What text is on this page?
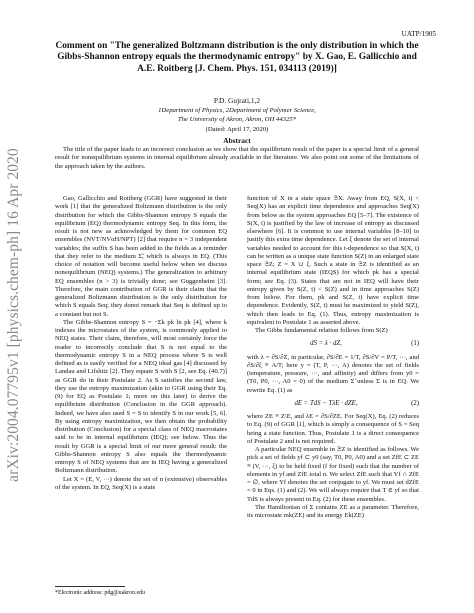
arXiv:2004.07795v1 [physics.chem-ph] 16 Apr 2020
UATP/1905
Comment on "The generalized Boltzmann distribution is the only distribution in which the Gibbs-Shannon entropy equals the thermodynamic entropy" by X. Gao, E. Gallicchio and A.E. Roitberg [J. Chem. Phys. 151, 034113 (2019)]
P.D. Gujrati,1,2
1Department of Physics, 2Department of Polymer Science,
The University of Akron, Akron, OH 44325*
(Dated: April 17, 2020)
Abstract
The title of the paper leads to an incorrect conclusion as we show that the equilibrium result of the paper is a special limit of a general result for nonequilibrium systems in internal equilibrium already available in the literature. We also point out some of the limitations of the approach taken by the authors.

Gao, Gallicchio and Roitberg (GGR) have suggested in their work [1] that the generalized Boltzmann distribution is the only distribution for which the Gibbs-Shannon entropy S equals the equilibrium (EQ) thermodynamic entropy Seq. In this form, the result is not new as acknowledged by them for common EQ ensembles (NVT/NVαH/NPT) [2] that require n = 3 independent variables; the suffix S has been added to the fields as a reminder that they refer to the medium Σ̃, which is always in EQ. (This choice of notation will become useful below when we discuss nonequilibrium (NEQ) systems.) The generalization to arbitrary EQ ensembles (n > 3) is trivially done; see Guggenheim [3]. Therefore, the main contribution of GGR is their claim that the generalized Boltzmann distribution is the only distribution for which S equals Seq; they donot remark that Seq is defined up to a constant but not S.

The Gibbs-Shannon entropy S = −Σk pk ln pk [4], where k indexes the microstates of the system, is commonly applied to NEQ states. Their claim, therefore, will most certainly force the reader to incorrectly conclude that S is not equal to the thermodynamic entropy S in a NEQ process where S is well defined as is easily verified for a NEQ ideal gas [4] discussed by Landau and Lifshitz [2]. They equate S with S [2, see Eq. (40.7)] as GGR do in their Postulate 2. As S satisfies the second law, they use the entropy maximization (akin to GGR using their Eq. (9) for EQ as Postulate 1; more on this later) to derive the equilibrium distribution (Conclusion in the GGR approach). Indeed, we have also used S = S to identify S in our work [5, 6]. By using entropy maximization, we then obtain the probability distribution (Conclusion) for a special class of NEQ macrostates said to be in internal equilibrium (IEQ); see below. Thus the result by GGR is a special limit of our more general result: the Gibbs-Shannon entropy S also equals the thermodynamic entropy S of NEQ systems that are in IEQ having a generalized Boltzmann distribution.

Let X = (E, V, ···) denote the set of n (extensive) observables of the system. In EQ, Seq(X) is a state

function of X in a state space 𝔖X. Away from EQ, S(X, t) < Seq(X) has an explicit time dependence and approaches Seq(X) from below as the system approaches EQ [5–7]. The existence of S(X, t) is justified by the law of increase of entropy as discussed elsewhere [6]. It is common to use internal variables [8–10] to justify this extra time dependence. Let ξ denote the set of internal variables needed to account for this t-dependence so that S(X, t) can be written as a unique state function S(Z) in an enlarged state space 𝔖Z; Z = X ∪ ξ. Such a state in 𝔖Z is identified as an internal equilibrium state (IEQS) for which pk has a special form; see Eq. (3). States that are not in IEQ will have their entropy given by S(Z, t) < S(Z) and in time approaches S(Z) from below. For them, pk and S(Z, t) have explicit time dependence. Evidently, S(Z, t) must be maximized to yield S(Z), which then leads to Eq. (1). Thus, entropy maximization is equivalent to Postulate 1 as asserted above.

The Gibbs fundamental relation follows from S(Z)

dS = λ · dZ,	(1)

with λ = ∂S/∂Z, in particular, ∂S/∂E = 1/T, ∂S/∂V = P/T, ···, and ∂S/∂ξ ≡ A/T; here y = (T, P, ···, A) denotes the set of fields (temperature, pressure, ···, and affinity) and differs from y0 = (T0, P0, ···, A0 = 0) of the medium Σ̃ unless Σ is in EQ. We rewrite Eq. (1) as

dE = TdS − TλE · dZE,	(2)

where ZE ≡ Z\E, and λE = ∂S/∂ZE. For Seq(X), Eq. (2) reduces to Eq. (9) of GGR [1], which is simply a consequence of S = Seq being a state function. Thus, Postulate 1 is a direct consequence of Postulate 2 and is not required.

A particular NEQ ensemble in 𝔖Z is identified as follows. We pick a set of fields yf ⊂ y0 (say, T0, P0, A0) and a set ZfE ⊂ ZE ≡ (V, ···, ξ) to be held fixed (f for fixed) such that the number of elements in yf and ZfE total n. We select ZfE such that Yf ∩ ZfE = ∅, where Yf denotes the set conjugate to yf. We must set dZfE = 0 in Eqs. (1) and (2). We will always require that T ∈ yf so that TdS is always present in Eq. (2) for these ensembles.

The Hamiltonian of Σ contains ZE as a parameter. Therefore, its microstate mk(ZE) and its energy Ek(ZE)

*Electronic address: pdg@uakron.edu
